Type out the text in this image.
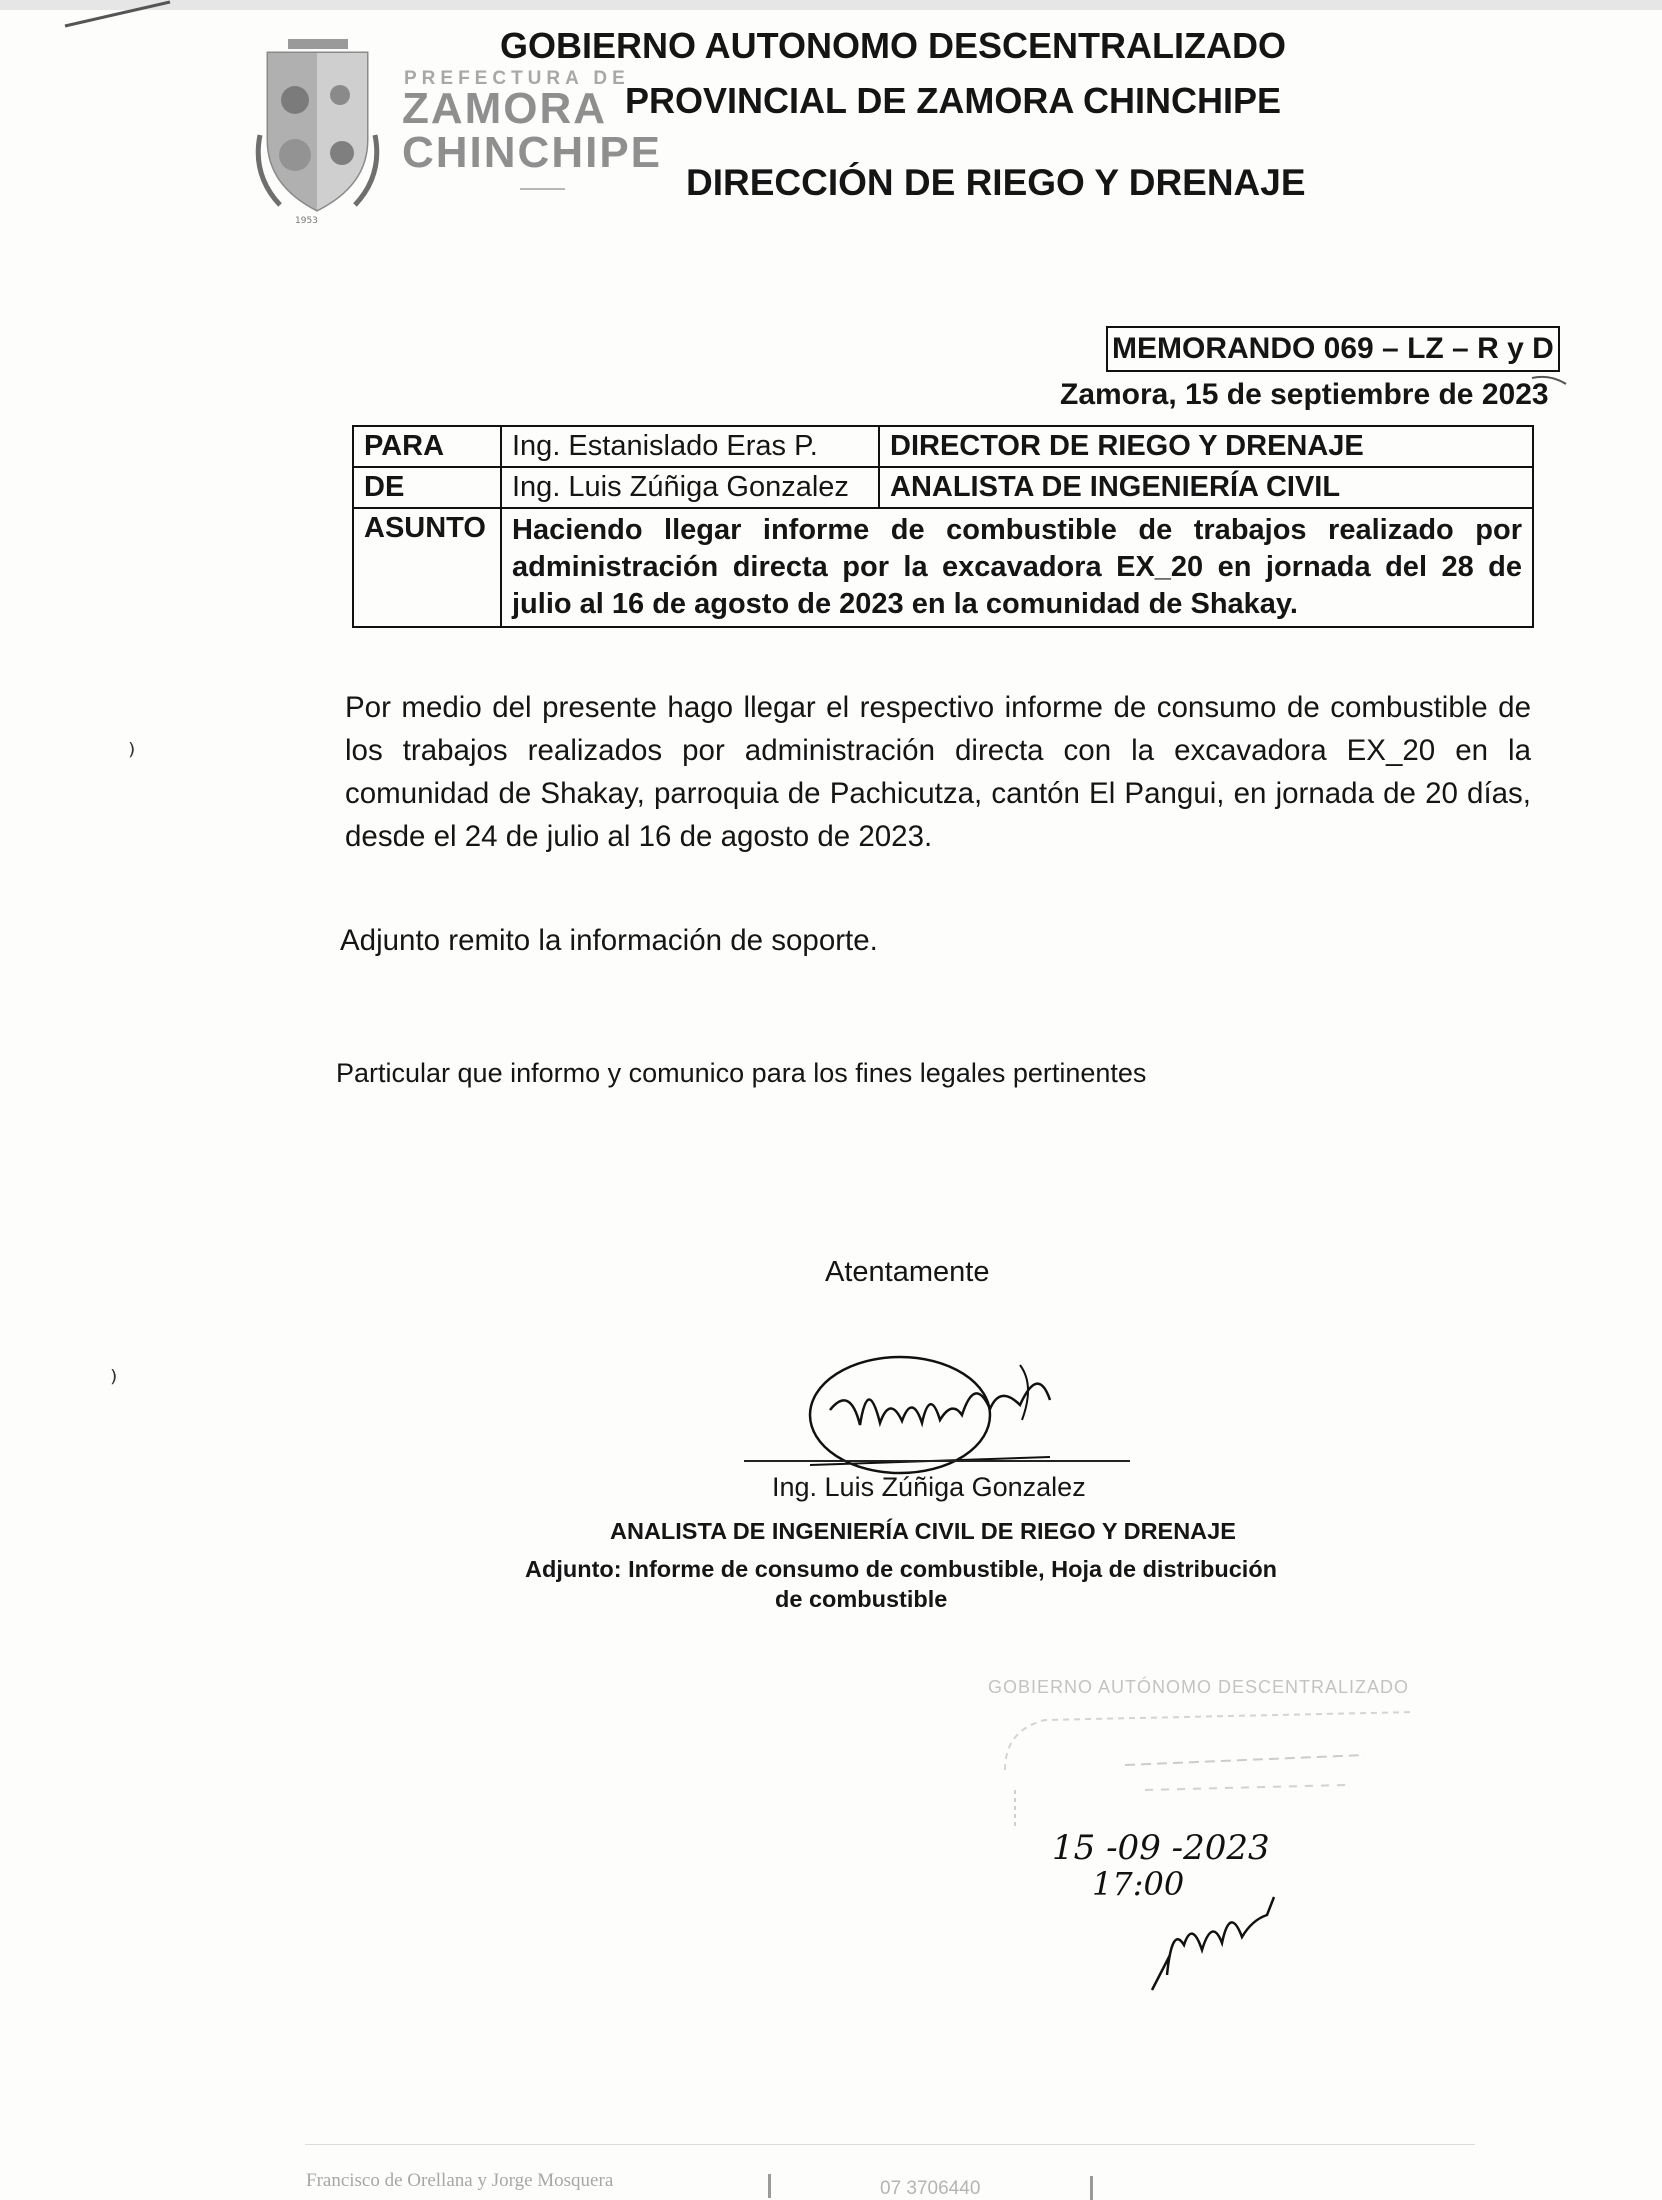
1953
PREFECTURA DE
ZAMORA
CHINCHIPE
GOBIERNO AUTONOMO DESCENTRALIZADO
PROVINCIAL DE ZAMORA CHINCHIPE
DIRECCIÓN DE RIEGO Y DRENAJE
MEMORANDO 069 – LZ – R y D
Zamora, 15 de septiembre de 2023
PARA	Ing. Estanislado Eras P.	DIRECTOR DE RIEGO Y DRENAJE
DE	Ing. Luis Zúñiga Gonzalez	ANALISTA DE INGENIERÍA CIVIL
ASUNTO	Haciendo llegar informe de combustible de trabajos realizado por administración directa por la excavadora EX_20 en jornada del 28 de julio al 16 de agosto de 2023 en la comunidad de Shakay.	
⁾
⁾
Por medio del presente hago llegar el respectivo informe de consumo de combustible de los trabajos realizados por administración directa con la excavadora EX_20 en la comunidad de Shakay, parroquia de Pachicutza, cantón El Pangui, en jornada de 20 días, desde el 24 de julio al 16 de agosto de 2023.
Adjunto remito la información de soporte.
Particular que informo y comunico para los fines legales pertinentes
Atentamente
Ing. Luis Zúñiga Gonzalez
ANALISTA DE INGENIERÍA CIVIL DE RIEGO Y DRENAJE
Adjunto: Informe de consumo de combustible, Hoja de distribución
de combustible
GOBIERNO AUTÓNOMO DESCENTRALIZADO
15 -09 -2023
17:00
Francisco de Orellana y Jorge Mosquera	07 3706440
